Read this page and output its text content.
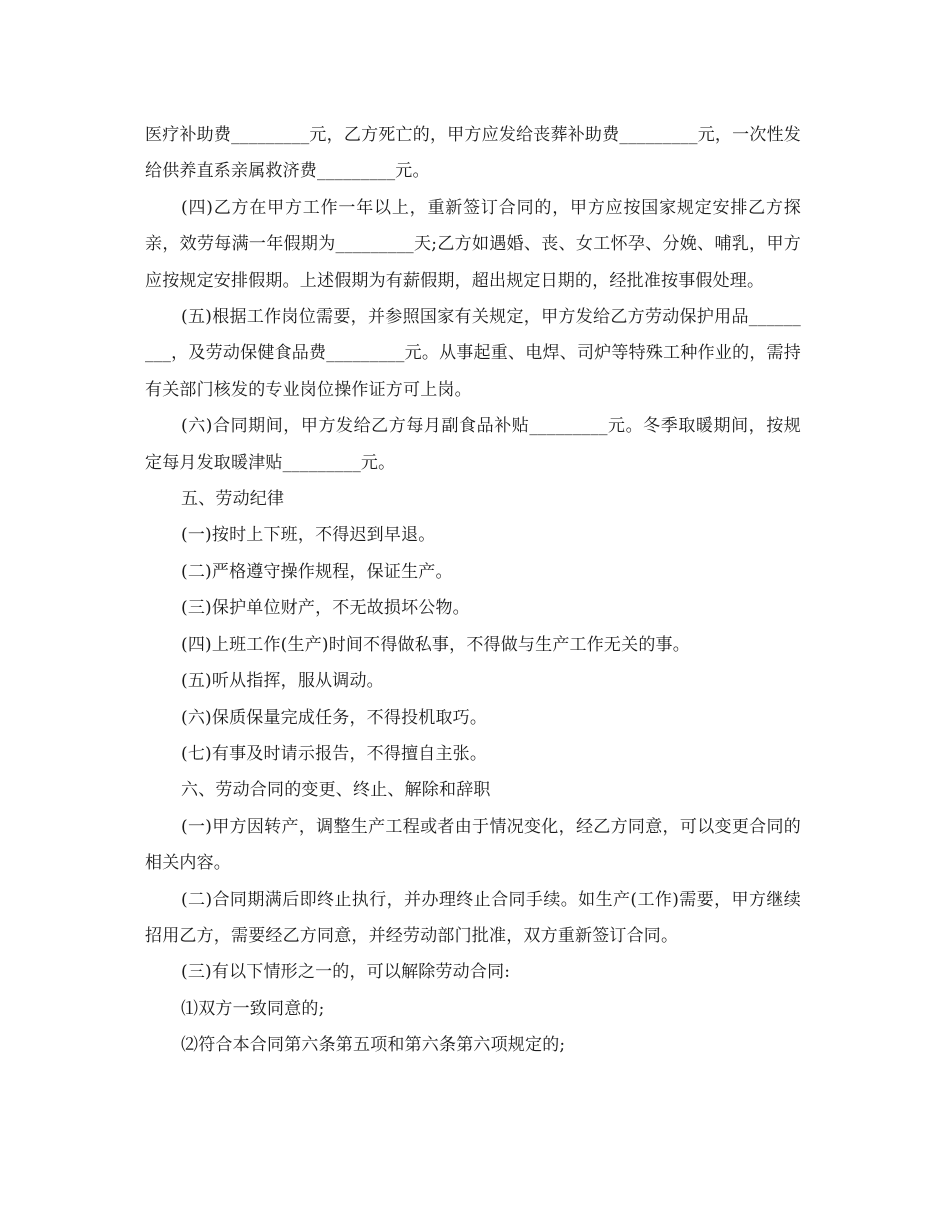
医疗补助费_________元，乙方死亡的，甲方应发给丧葬补助费_________元，一次性发给供养直系亲属救济费_________元。

(四)乙方在甲方工作一年以上，重新签订合同的，甲方应按国家规定安排乙方探亲，效劳每满一年假期为_________天;乙方如遇婚、丧、女工怀孕、分娩、哺乳，甲方应按规定安排假期。上述假期为有薪假期，超出规定日期的，经批准按事假处理。

(五)根据工作岗位需要，并参照国家有关规定，甲方发给乙方劳动保护用品_________，及劳动保健食品费_________元。从事起重、电焊、司炉等特殊工种作业的，需持有关部门核发的专业岗位操作证方可上岗。

(六)合同期间，甲方发给乙方每月副食品补贴_________元。冬季取暖期间，按规定每月发取暖津贴_________元。

五、劳动纪律

(一)按时上下班，不得迟到早退。

(二)严格遵守操作规程，保证生产。

(三)保护单位财产，不无故损坏公物。

(四)上班工作(生产)时间不得做私事，不得做与生产工作无关的事。

(五)听从指挥，服从调动。

(六)保质保量完成任务，不得投机取巧。

(七)有事及时请示报告，不得擅自主张。

六、劳动合同的变更、终止、解除和辞职

(一)甲方因转产，调整生产工程或者由于情况变化，经乙方同意，可以变更合同的相关内容。

(二)合同期满后即终止执行，并办理终止合同手续。如生产(工作)需要，甲方继续招用乙方，需要经乙方同意，并经劳动部门批准，双方重新签订合同。

(三)有以下情形之一的，可以解除劳动合同:

⑴双方一致同意的;

⑵符合本合同第六条第五项和第六条第六项规定的;
